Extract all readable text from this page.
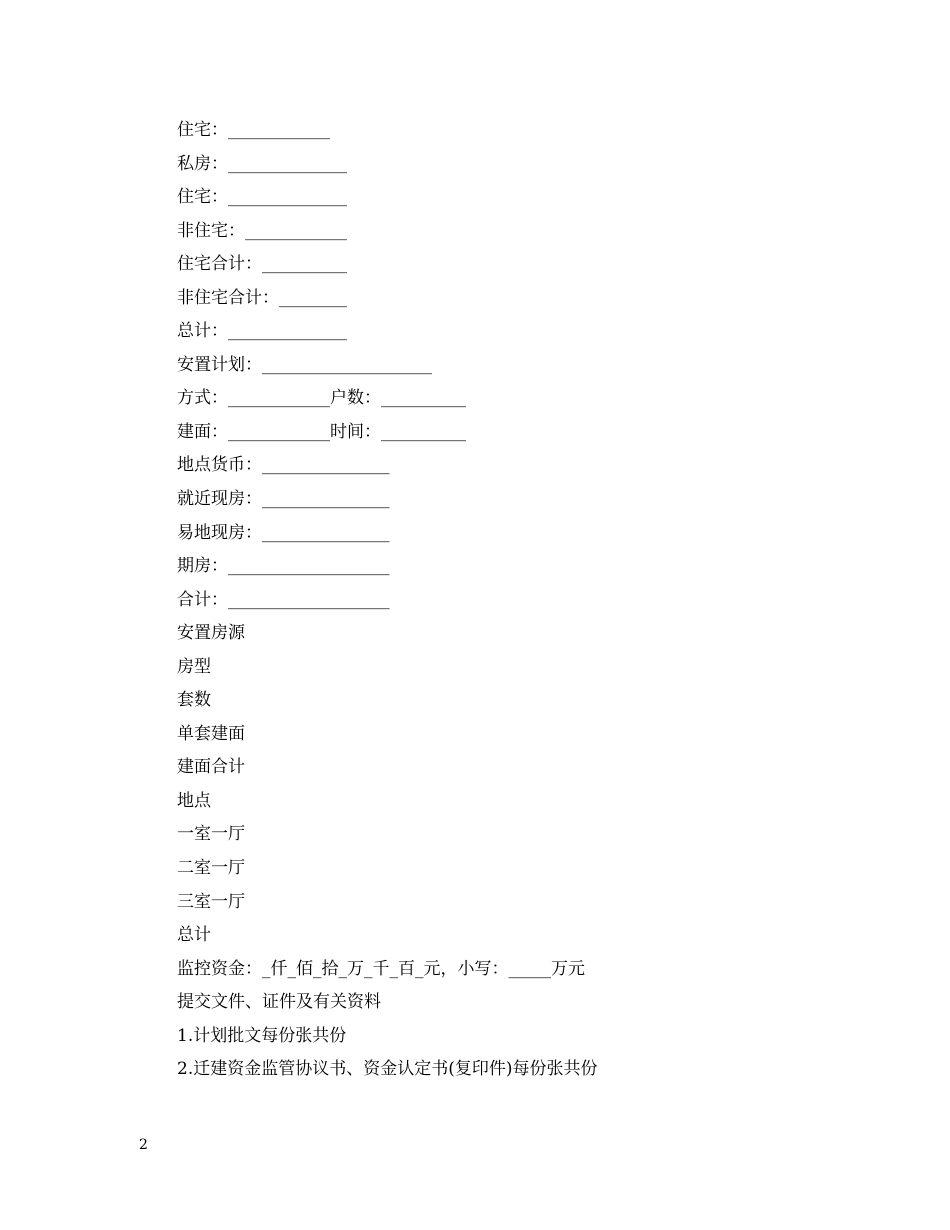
住宅：____________
私房：______________
住宅：______________
非住宅：____________
住宅合计：__________
非住宅合计：________
总计：______________
安置计划：____________________
方式：____________户数：__________
建面：____________时间：__________
地点货币：_______________
就近现房：_______________
易地现房：_______________
期房：___________________
合计：___________________
安置房源
房型
套数
单套建面
建面合计
地点
一室一厅
二室一厅
三室一厅
总计
监控资金：_仟_佰_拾_万_千_百_元，小写：_____万元
提交文件、证件及有关资料
1.计划批文每份张共份
2.迁建资金监管协议书、资金认定书(复印件)每份张共份
2
